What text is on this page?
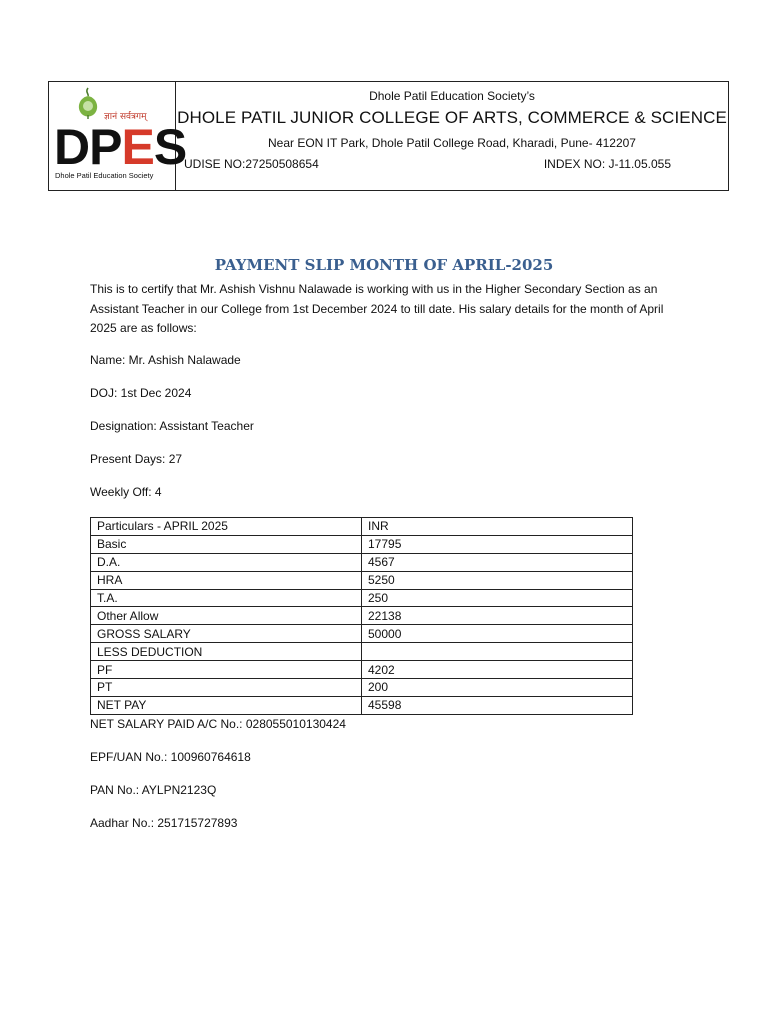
ज्ञानं सर्वत्रगम्
DPES
Dhole Patil Education Society
Dhole Patil Education Society’s
DHOLE PATIL JUNIOR COLLEGE OF ARTS, COMMERCE & SCIENCE
Near EON IT Park, Dhole Patil College Road, Kharadi, Pune- 412207
UDISE NO:27250508654	INDEX NO: J-11.05.055
PAYMENT SLIP MONTH OF APRIL-2025
This is to certify that Mr. Ashish Vishnu Nalawade is working with us in the Higher Secondary Section as an Assistant Teacher in our College from 1st December 2024 to till date. His salary details for the month of April 2025 are as follows:
Name: Mr. Ashish Nalawade
DOJ: 1st Dec 2024
Designation: Assistant Teacher
Present Days: 27
Weekly Off: 4
Particulars - APRIL 2025	INR
Basic	17795
D.A.	4567
HRA	5250
T.A.	250
Other Allow	22138
GROSS SALARY	50000
LESS DEDUCTION	
PF	4202
PT	200
NET PAY	45598
NET SALARY PAID A/C No.: 028055010130424
EPF/UAN No.: 100960764618
PAN No.: AYLPN2123Q
Aadhar No.: 251715727893
